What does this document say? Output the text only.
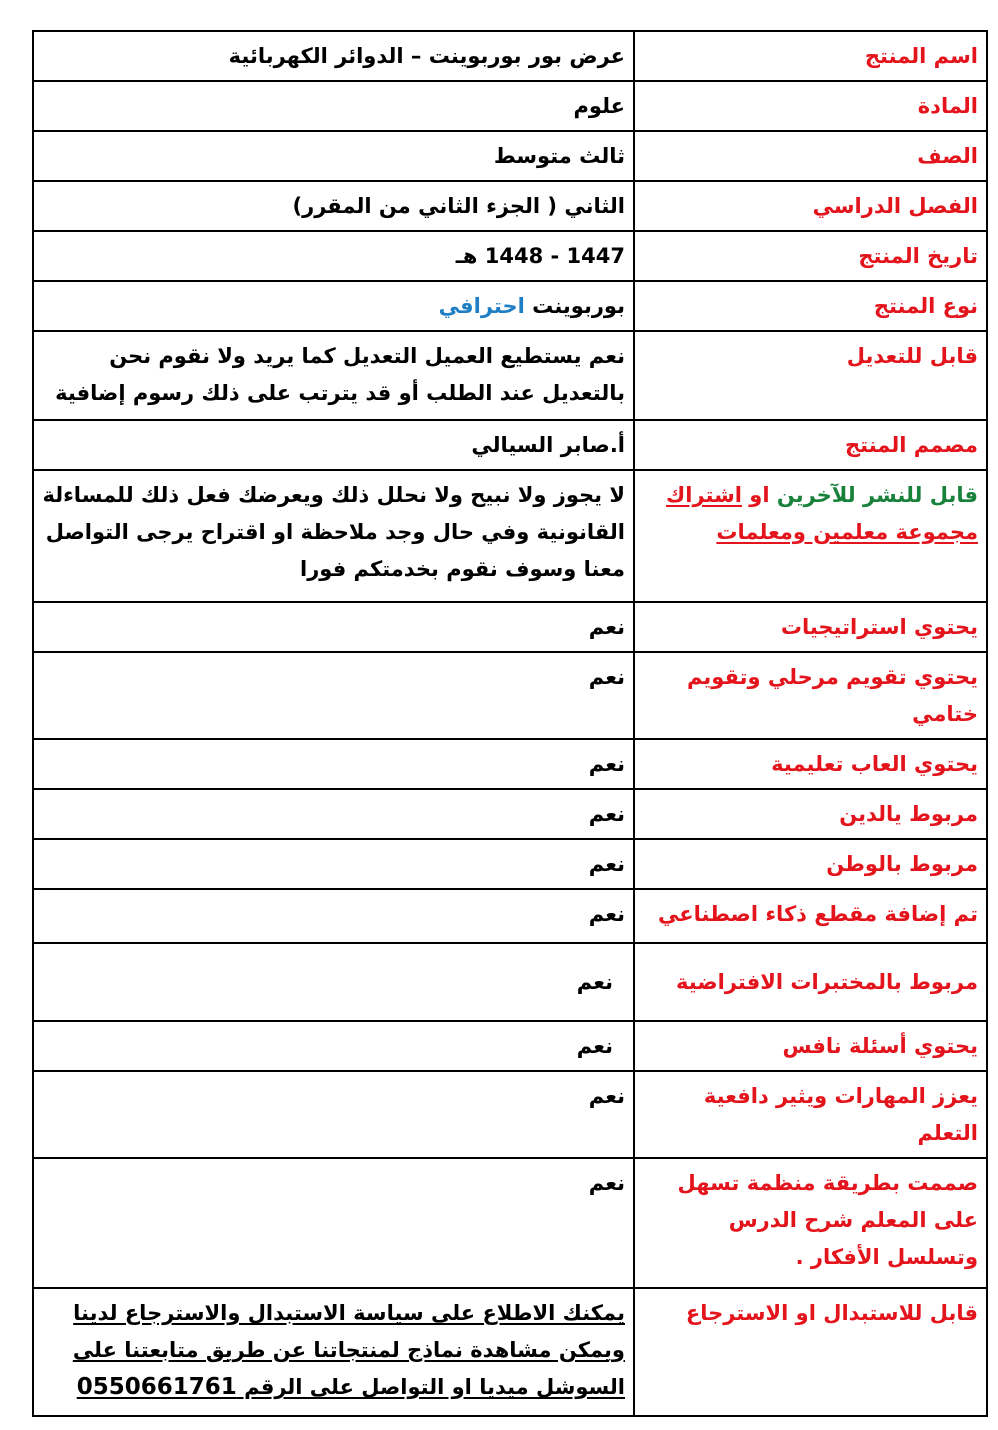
اسم المنتج	عرض بور بوربوينت – الدوائر الكهربائية
المادة	علوم
الصف	ثالث متوسط
الفصل الدراسي	الثاني ( الجزء الثاني من المقرر)
تاريخ المنتج	1447 - 1448 هـ
نوع المنتج	بوربوينت احترافي
قابل للتعديل	نعم يستطيع العميل التعديل كما يريد ولا نقوم نحن بالتعديل عند الطلب أو قد يترتب على ذلك رسوم إضافية
مصمم المنتج	أ.صابر السيالي
قابل للنشر للآخرين او اشتراك مجموعة معلمين ومعلمات	لا يجوز ولا نبيح ولا نحلل ذلك ويعرضك فعل ذلك للمساءلة القانونية وفي حال وجد ملاحظة او اقتراح يرجى التواصل معنا وسوف نقوم بخدمتكم فورا
يحتوي استراتيجيات	نعم
يحتوي تقويم مرحلي وتقويم ختامي	نعم
يحتوي العاب تعليمية	نعم
مربوط يالدين	نعم
مربوط بالوطن	نعم
تم إضافة مقطع ذكاء اصطناعي	نعم
مربوط بالمختبرات الافتراضية	نعم
يحتوي أسئلة نافس	نعم
يعزز المهارات ويثير دافعية التعلم	نعم
صممت بطريقة منظمة تسهل على المعلم شرح الدرس وتسلسل الأفكار .	نعم
قابل للاستبدال او الاسترجاع	يمكنك الاطلاع على سياسة الاستبدال والاسترجاع لدينا ويمكن مشاهدة نماذج لمنتجاتنا عن طريق متابعتنا على السوشل ميديا او التواصل على الرقم 0550661761
